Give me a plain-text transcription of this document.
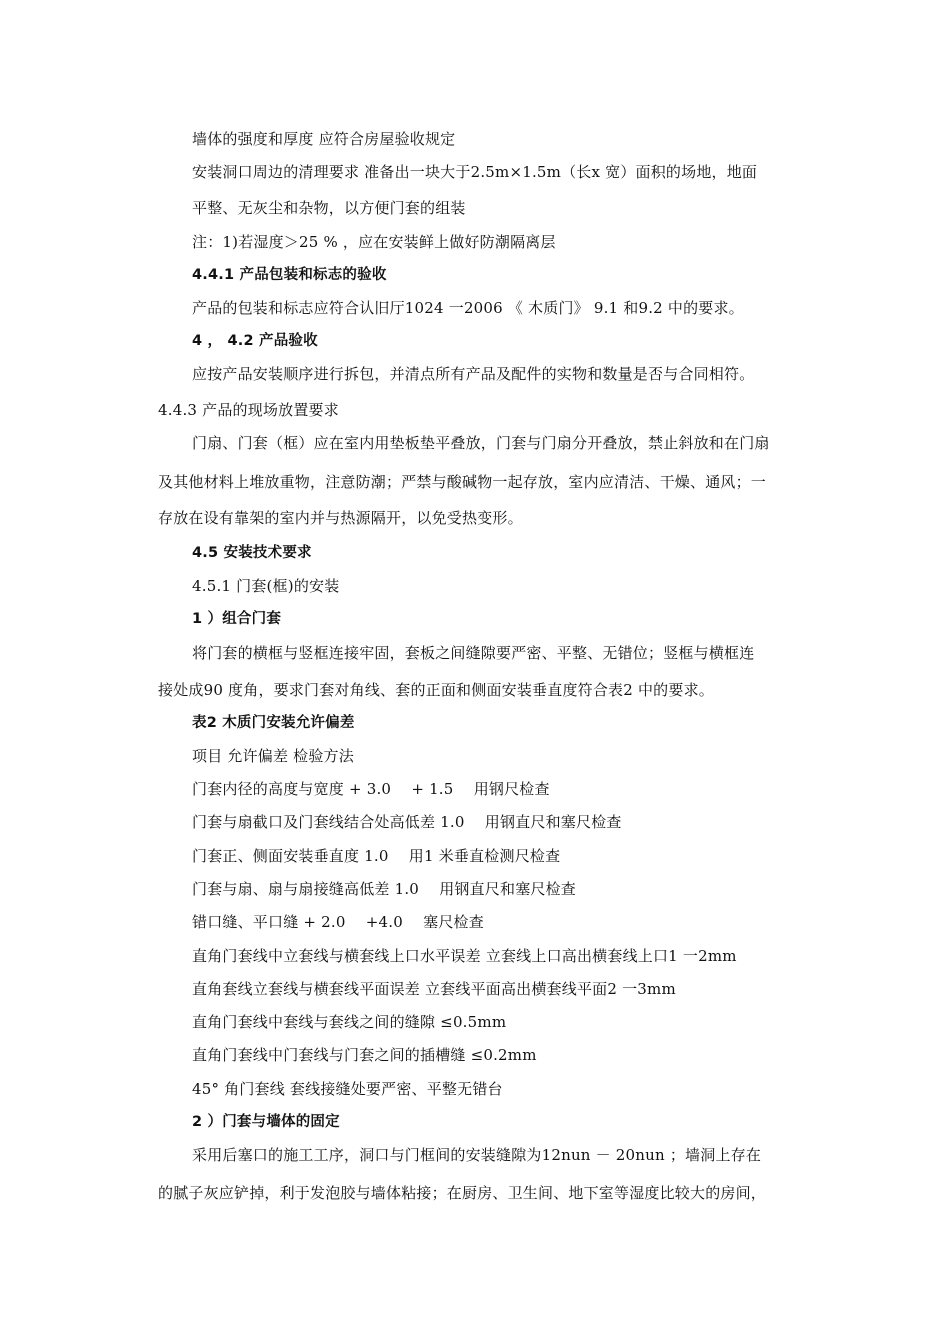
墙体的强度和厚度 应符合房屋验收规定
安装洞口周边的清理要求 准备出一块大于2.5m×1.5m（长x 宽）面积的场地，地面
平整、无灰尘和杂物，以方便门套的组装
注：1)若湿度＞25 % ，应在安装鲜上做好防潮隔离层
4.4.1 产品包装和标志的验收
产品的包装和标志应符合认旧厅1024 一2006 《 木质门》 9.1 和9.2 中的要求。
4 ， 4.2 产品验收
应按产品安装顺序进行拆包，并清点所有产品及配件的实物和数量是否与合同相符。
4.4.3 产品的现场放置要求
门扇、门套（框）应在室内用垫板垫平叠放，门套与门扇分开叠放，禁止斜放和在门扇
及其他材料上堆放重物，注意防潮；严禁与酸碱物一起存放，室内应清洁、干燥、通风；一
存放在设有靠架的室内并与热源隔开，以免受热变形。
4.5 安装技术要求
4.5.1 门套(框)的安装
1 ）组合门套
将门套的横框与竖框连接牢固，套板之间缝隙要严密、平整、无错位；竖框与横框连
接处成90 度角，要求门套对角线、套的正面和侧面安装垂直度符合表2 中的要求。
表2 木质门安装允许偏差
项目 允许偏差 检验方法
门套内径的高度与宽度 + 3.0　 + 1.5　 用钢尺检查
门套与扇截口及门套线结合处高低差 1.0　 用钢直尺和塞尺检查
门套正、侧面安装垂直度 1.0　 用1 米垂直检测尺检查
门套与扇、扇与扇接缝高低差 1.0　 用钢直尺和塞尺检查
错口缝、平口缝 + 2.0　 +4.0　 塞尺检查
直角门套线中立套线与横套线上口水平误差 立套线上口高出横套线上口1 一2mm
直角套线立套线与横套线平面误差 立套线平面高出横套线平面2 一3mm
直角门套线中套线与套线之间的缝隙 ≤0.5mm
直角门套线中门套线与门套之间的插槽缝 ≤0.2mm
45° 角门套线 套线接缝处要严密、平整无错台
2 ）门套与墙体的固定
采用后塞口的施工工序，洞口与门框间的安装缝隙为12nun － 20nun ；墙洞上存在
的腻子灰应铲掉，利于发泡胶与墙体粘接；在厨房、卫生间、地下室等湿度比较大的房间，
